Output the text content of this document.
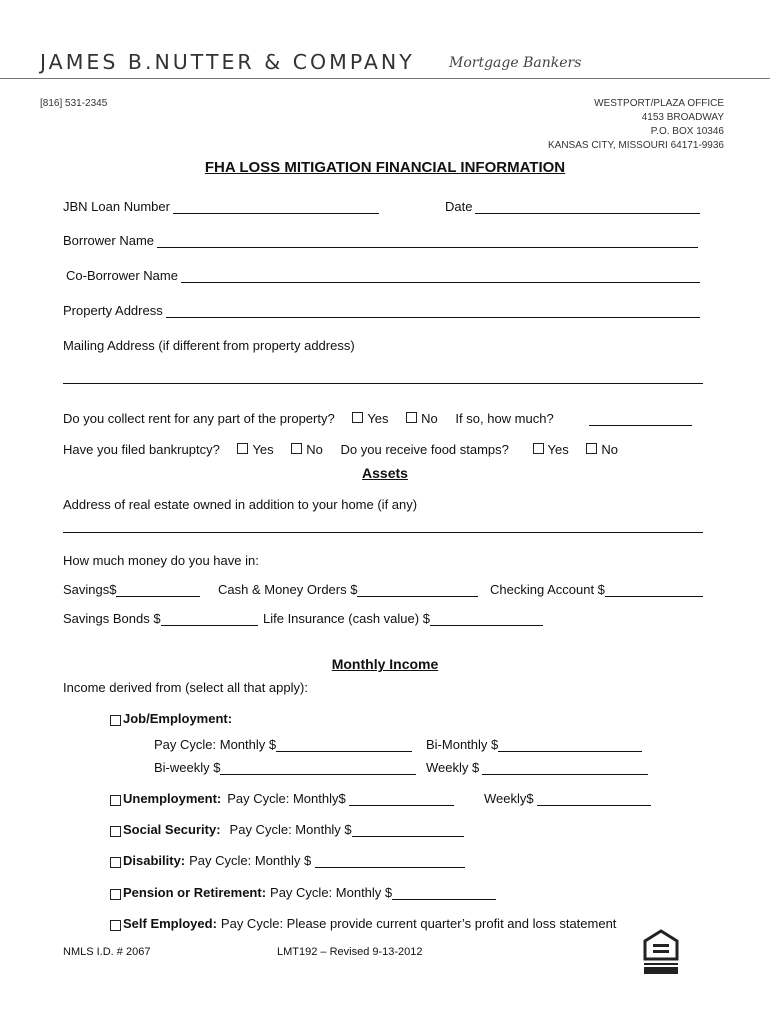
JAMES B.NUTTER & COMPANY Mortgage Bankers
[816] 531-2345	WESTPORT/PLAZA OFFICE
4153 BROADWAY
P.O. BOX 10346
KANSAS CITY, MISSOURI 64171-9936
FHA LOSS MITIGATION FINANCIAL INFORMATION
JBN Loan Number	Date
Borrower Name
Co-Borrower Name
Property Address
Mailing Address (if different from property address)
Do you collect rent for any part of the property?	Yes	No If so, how much?
Have you filed bankruptcy?	Yes	No Do you receive food stamps?	Yes	No
Assets
Address of real estate owned in addition to your home (if any)
How much money do you have in:
Savings$	Cash & Money Orders $	Checking Account $
Savings Bonds $	Life Insurance (cash value) $
Monthly Income
Income derived from (select all that apply):
Job/Employment:
Pay Cycle: Monthly $	Bi-Monthly $
Bi-weekly $	Weekly $
Unemployment: Pay Cycle: Monthly$	Weekly$
Social Security: Pay Cycle: Monthly $
Disability: Pay Cycle: Monthly $
Pension or Retirement: Pay Cycle: Monthly $
Self Employed: Pay Cycle: Please provide current quarter’s profit and loss statement
NMLS I.D. # 2067	LMT192 – Revised 9-13-2012
